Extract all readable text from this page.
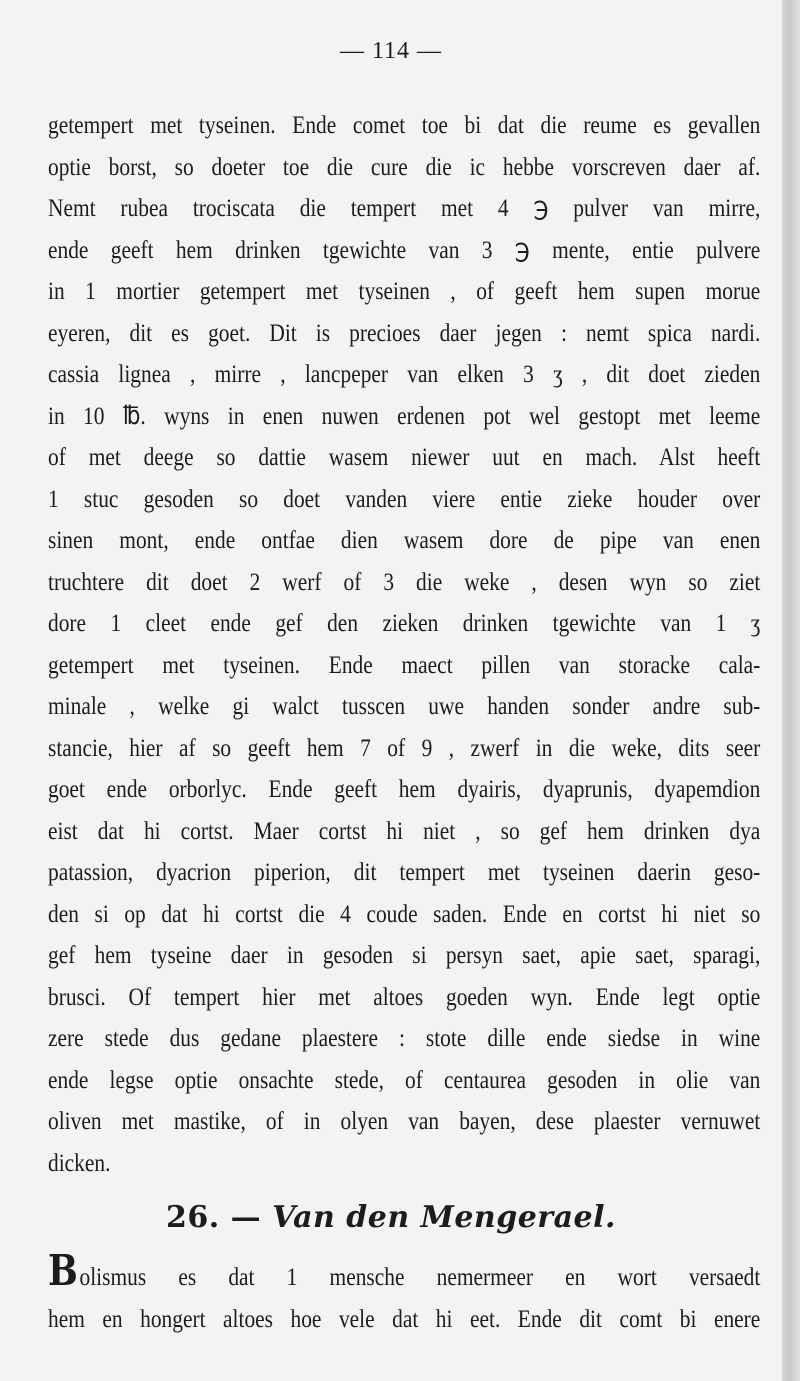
— 114 —
getempert met tyseinen. Ende comet toe bi dat die reume es gevallen
optie borst, so doeter toe die cure die ic hebbe vorscreven daer af.
Nemt rubea trociscata die tempert met 4 ℈ pulver van mirre,
ende geeft hem drinken tgewichte van 3 ℈ mente, entie pulvere
in 1 mortier getempert met tyseinen , of geeft hem supen morue
eyeren, dit es goet. Dit is precioes daer jegen : nemt spica nardi.
cassia lignea , mirre , lancpeper van elken 3 ʒ , dit doet zieden
in 10 ℔. wyns in enen nuwen erdenen pot wel gestopt met leeme
of met deege so dattie wasem niewer uut en mach. Alst heeft
1 stuc gesoden so doet vanden viere entie zieke houder over
sinen mont, ende ontfae dien wasem dore de pipe van enen
truchtere dit doet 2 werf of 3 die weke , desen wyn so ziet
dore 1 cleet ende gef den zieken drinken tgewichte van 1 ʒ
getempert met tyseinen. Ende maect pillen van storacke cala-
minale , welke gi walct tusscen uwe handen sonder andre sub-
stancie, hier af so geeft hem 7 of 9 , zwerf in die weke, dits seer
goet ende orborlyc. Ende geeft hem dyairis, dyaprunis, dyapemdion
eist dat hi cortst. Maer cortst hi niet , so gef hem drinken dya
patassion, dyacrion piperion, dit tempert met tyseinen daerin geso-
den si op dat hi cortst die 4 coude saden. Ende en cortst hi niet so
gef hem tyseine daer in gesoden si persyn saet, apie saet, sparagi,
brusci. Of tempert hier met altoes goeden wyn. Ende legt optie
zere stede dus gedane plaestere : stote dille ende siedse in wine
ende legse optie onsachte stede, of centaurea gesoden in olie van
oliven met mastike, of in olyen van bayen, dese plaester vernuwet
dicken.
26. — Van den Mengerael.
Bolismus es dat 1 mensche nemermeer en wort versaedt
hem en hongert altoes hoe vele dat hi eet. Ende dit comt bi enere
